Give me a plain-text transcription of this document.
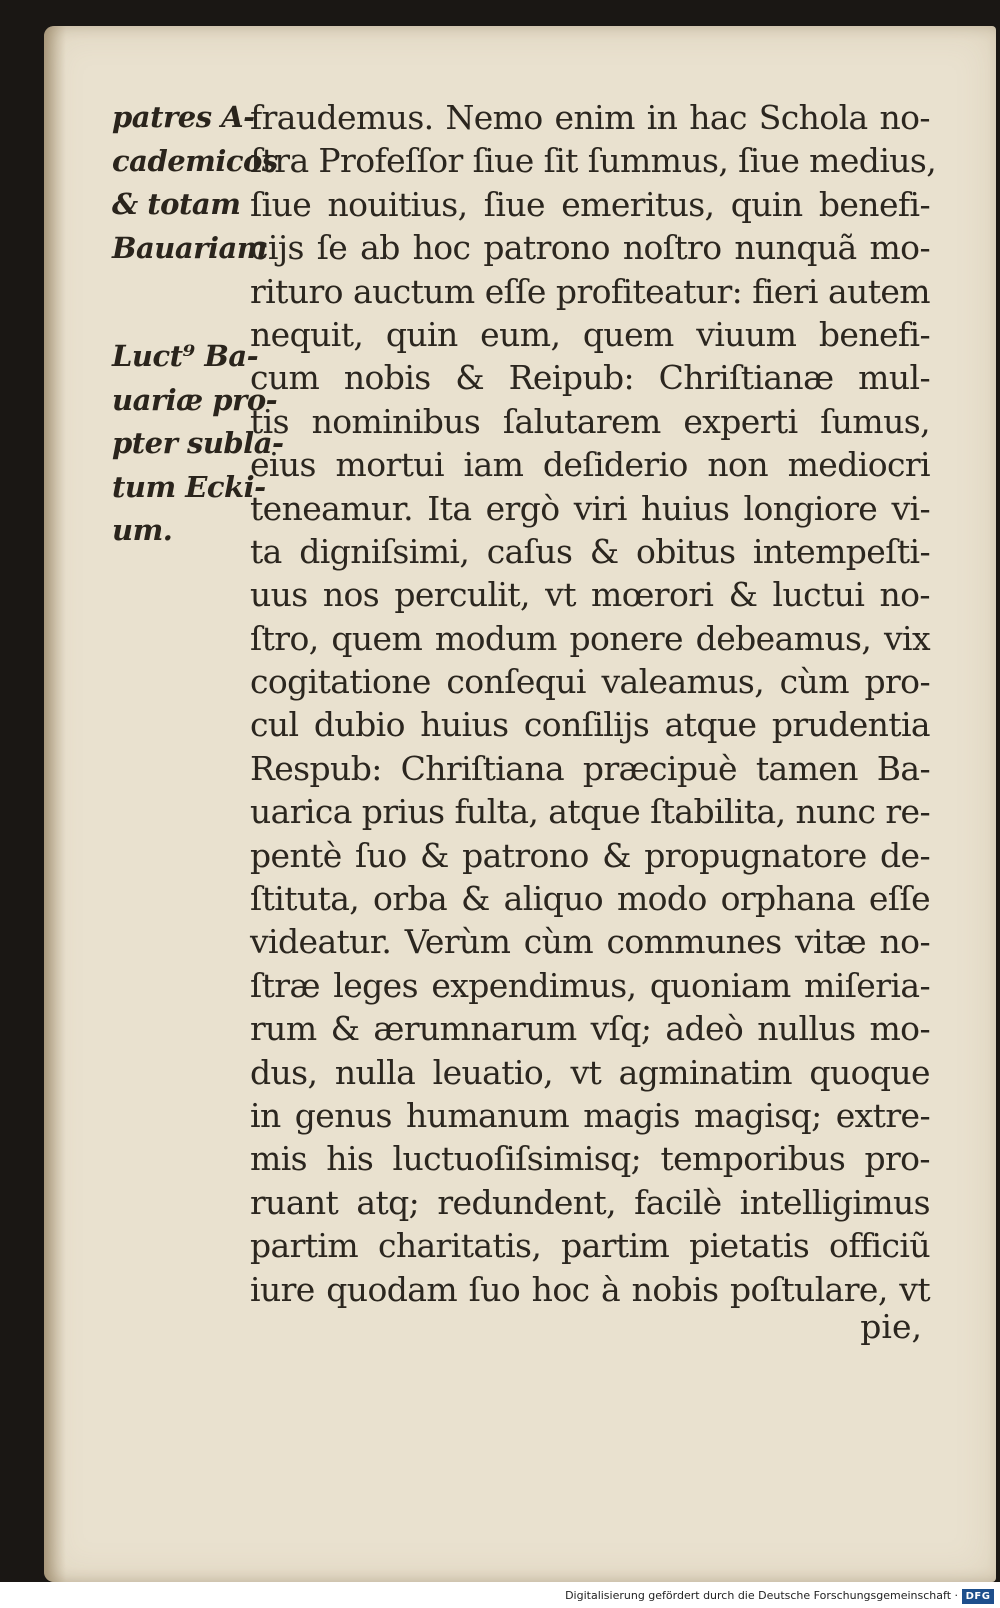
patres A-
cademicos
& totam
Bauariam
Luct⁹ Ba-
uariæ pro-
pter subla-
tum Ecki-
um.
fraudemus. Nemo enim in hac Schola no-
ſtra Profeſſor ſiue ſit ſummus, ſiue medius,
ſiue nouitius, ſiue emeritus, quin benefi-
cijs ſe ab hoc patrono noſtro nunquã mo-
rituro auctum eſſe profiteatur: fieri autem
nequit, quin eum, quem viuum benefi-
cum nobis & Reipub: Chriſtianæ mul-
tis nominibus ſalutarem experti ſumus,
eius mortui iam deſiderio non mediocri
teneamur. Ita ergò viri huius longiore vi-
ta digniſsimi, caſus & obitus intempeſti-
uus nos perculit, vt mœrori & luctui no-
ſtro, quem modum ponere debeamus, vix
cogitatione conſequi valeamus, cùm pro-
cul dubio huius conſilijs atque prudentia
Respub: Chriſtiana præcipuè tamen Ba-
uarica prius fulta, atque ſtabilita, nunc re-
pentè ſuo & patrono & propugnatore de-
ſtituta, orba & aliquo modo orphana eſſe
videatur. Verùm cùm communes vitæ no-
ſtræ leges expendimus, quoniam miſeria-
rum & ærumnarum vſq; adeò nullus mo-
dus, nulla leuatio, vt agminatim quoque
in genus humanum magis magisq; extre-
mis his luctuoſiſsimisq; temporibus pro-
ruant atq; redundent, facilè intelligimus
partim charitatis, partim pietatis officiũ
iure quodam ſuo hoc à nobis poſtulare, vt
pie,
Digitalisierung gefördert durch die Deutsche Forschungsgemeinschaft · DFG
